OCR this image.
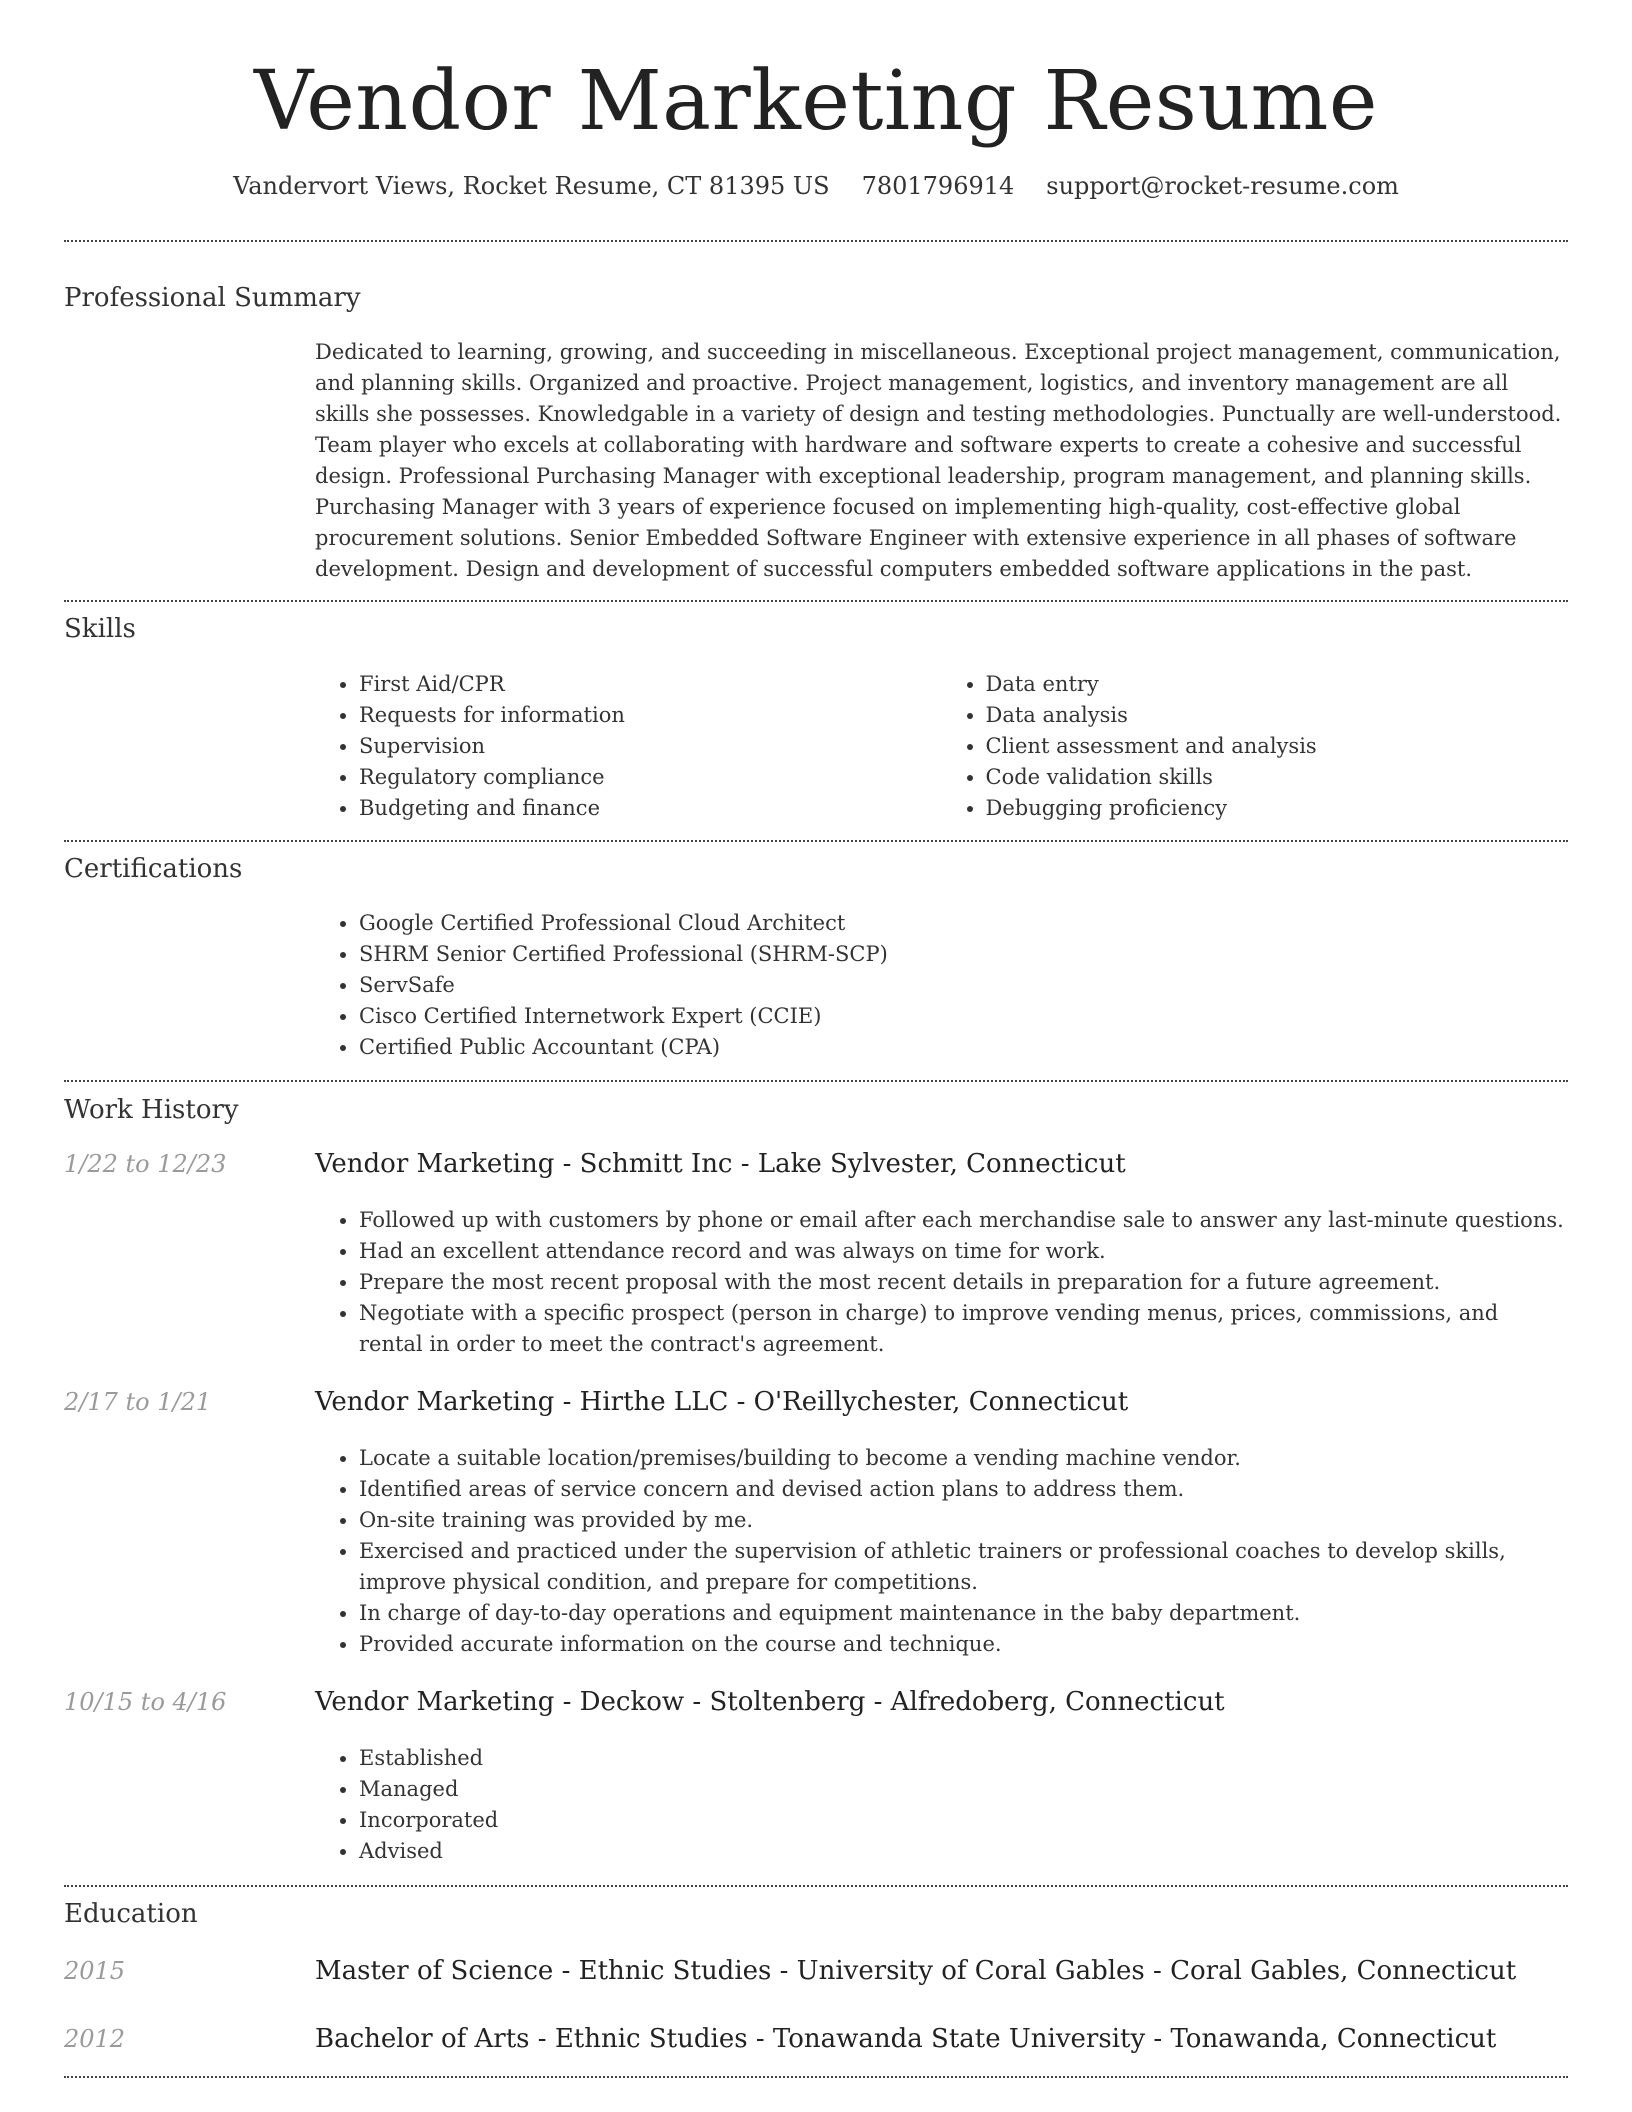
Vendor Marketing Resume
Vandervort Views, Rocket Resume, CT 81395 US 7801796914 support@rocket-resume.com
Professional Summary

Dedicated to learning, growing, and succeeding in miscellaneous. Exceptional project management, communication, and planning skills. Organized and proactive. Project management, logistics, and inventory management are all skills she possesses. Knowledgable in a variety of design and testing methodologies. Punctually are well-understood. Team player who excels at collaborating with hardware and software experts to create a cohesive and successful design. Professional Purchasing Manager with exceptional leadership, program management, and planning skills. Purchasing Manager with 3 years of experience focused on implementing high-quality, cost-effective global procurement solutions. Senior Embedded Software Engineer with extensive experience in all phases of software development. Design and development of successful computers embedded software applications in the past.

Skills
• First Aid/CPR
• Requests for information
• Supervision
• Regulatory compliance
• Budgeting and finance
• Data entry
• Data analysis
• Client assessment and analysis
• Code validation skills
• Debugging proficiency
Certifications
• Google Certified Professional Cloud Architect
• SHRM Senior Certified Professional (SHRM-SCP)
• ServSafe
• Cisco Certified Internetwork Expert (CCIE)
• Certified Public Accountant (CPA)
Work History
1/22 to 12/23	Vendor Marketing - Schmitt Inc - Lake Sylvester, Connecticut
• Followed up with customers by phone or email after each merchandise sale to answer any last-minute questions.
• Had an excellent attendance record and was always on time for work.
• Prepare the most recent proposal with the most recent details in preparation for a future agreement.
• Negotiate with a specific prospect (person in charge) to improve vending menus, prices, commissions, and rental in order to meet the contract's agreement.
2/17 to 1/21	Vendor Marketing - Hirthe LLC - O'Reillychester, Connecticut
• Locate a suitable location/premises/building to become a vending machine vendor.
• Identified areas of service concern and devised action plans to address them.
• On-site training was provided by me.
• Exercised and practiced under the supervision of athletic trainers or professional coaches to develop skills, improve physical condition, and prepare for competitions.
• In charge of day-to-day operations and equipment maintenance in the baby department.
• Provided accurate information on the course and technique.
10/15 to 4/16	Vendor Marketing - Deckow - Stoltenberg - Alfredoberg, Connecticut
• Established
• Managed
• Incorporated
• Advised
Education
2015	Master of Science - Ethnic Studies - University of Coral Gables - Coral Gables, Connecticut
2012	Bachelor of Arts - Ethnic Studies - Tonawanda State University - Tonawanda, Connecticut
